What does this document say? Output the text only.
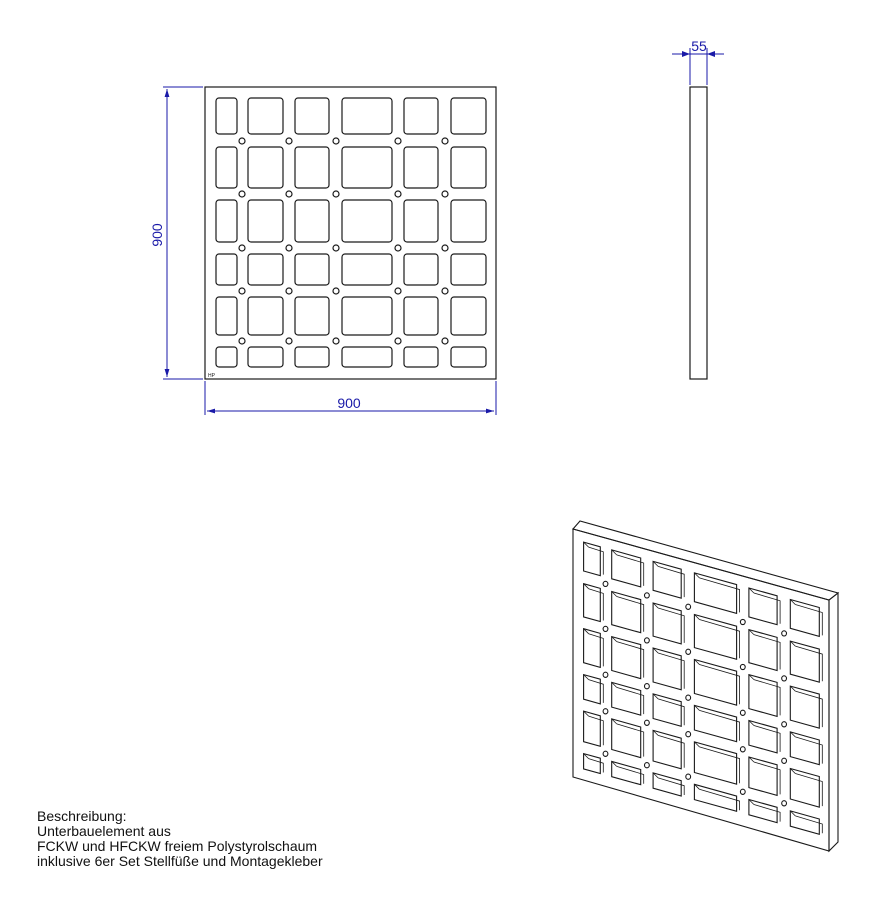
HP
900
900
55
Beschreibung:
Unterbauelement aus
FCKW und HFCKW freiem Polystyrolschaum
inklusive 6er Set Stellfüße und Montagekleber
